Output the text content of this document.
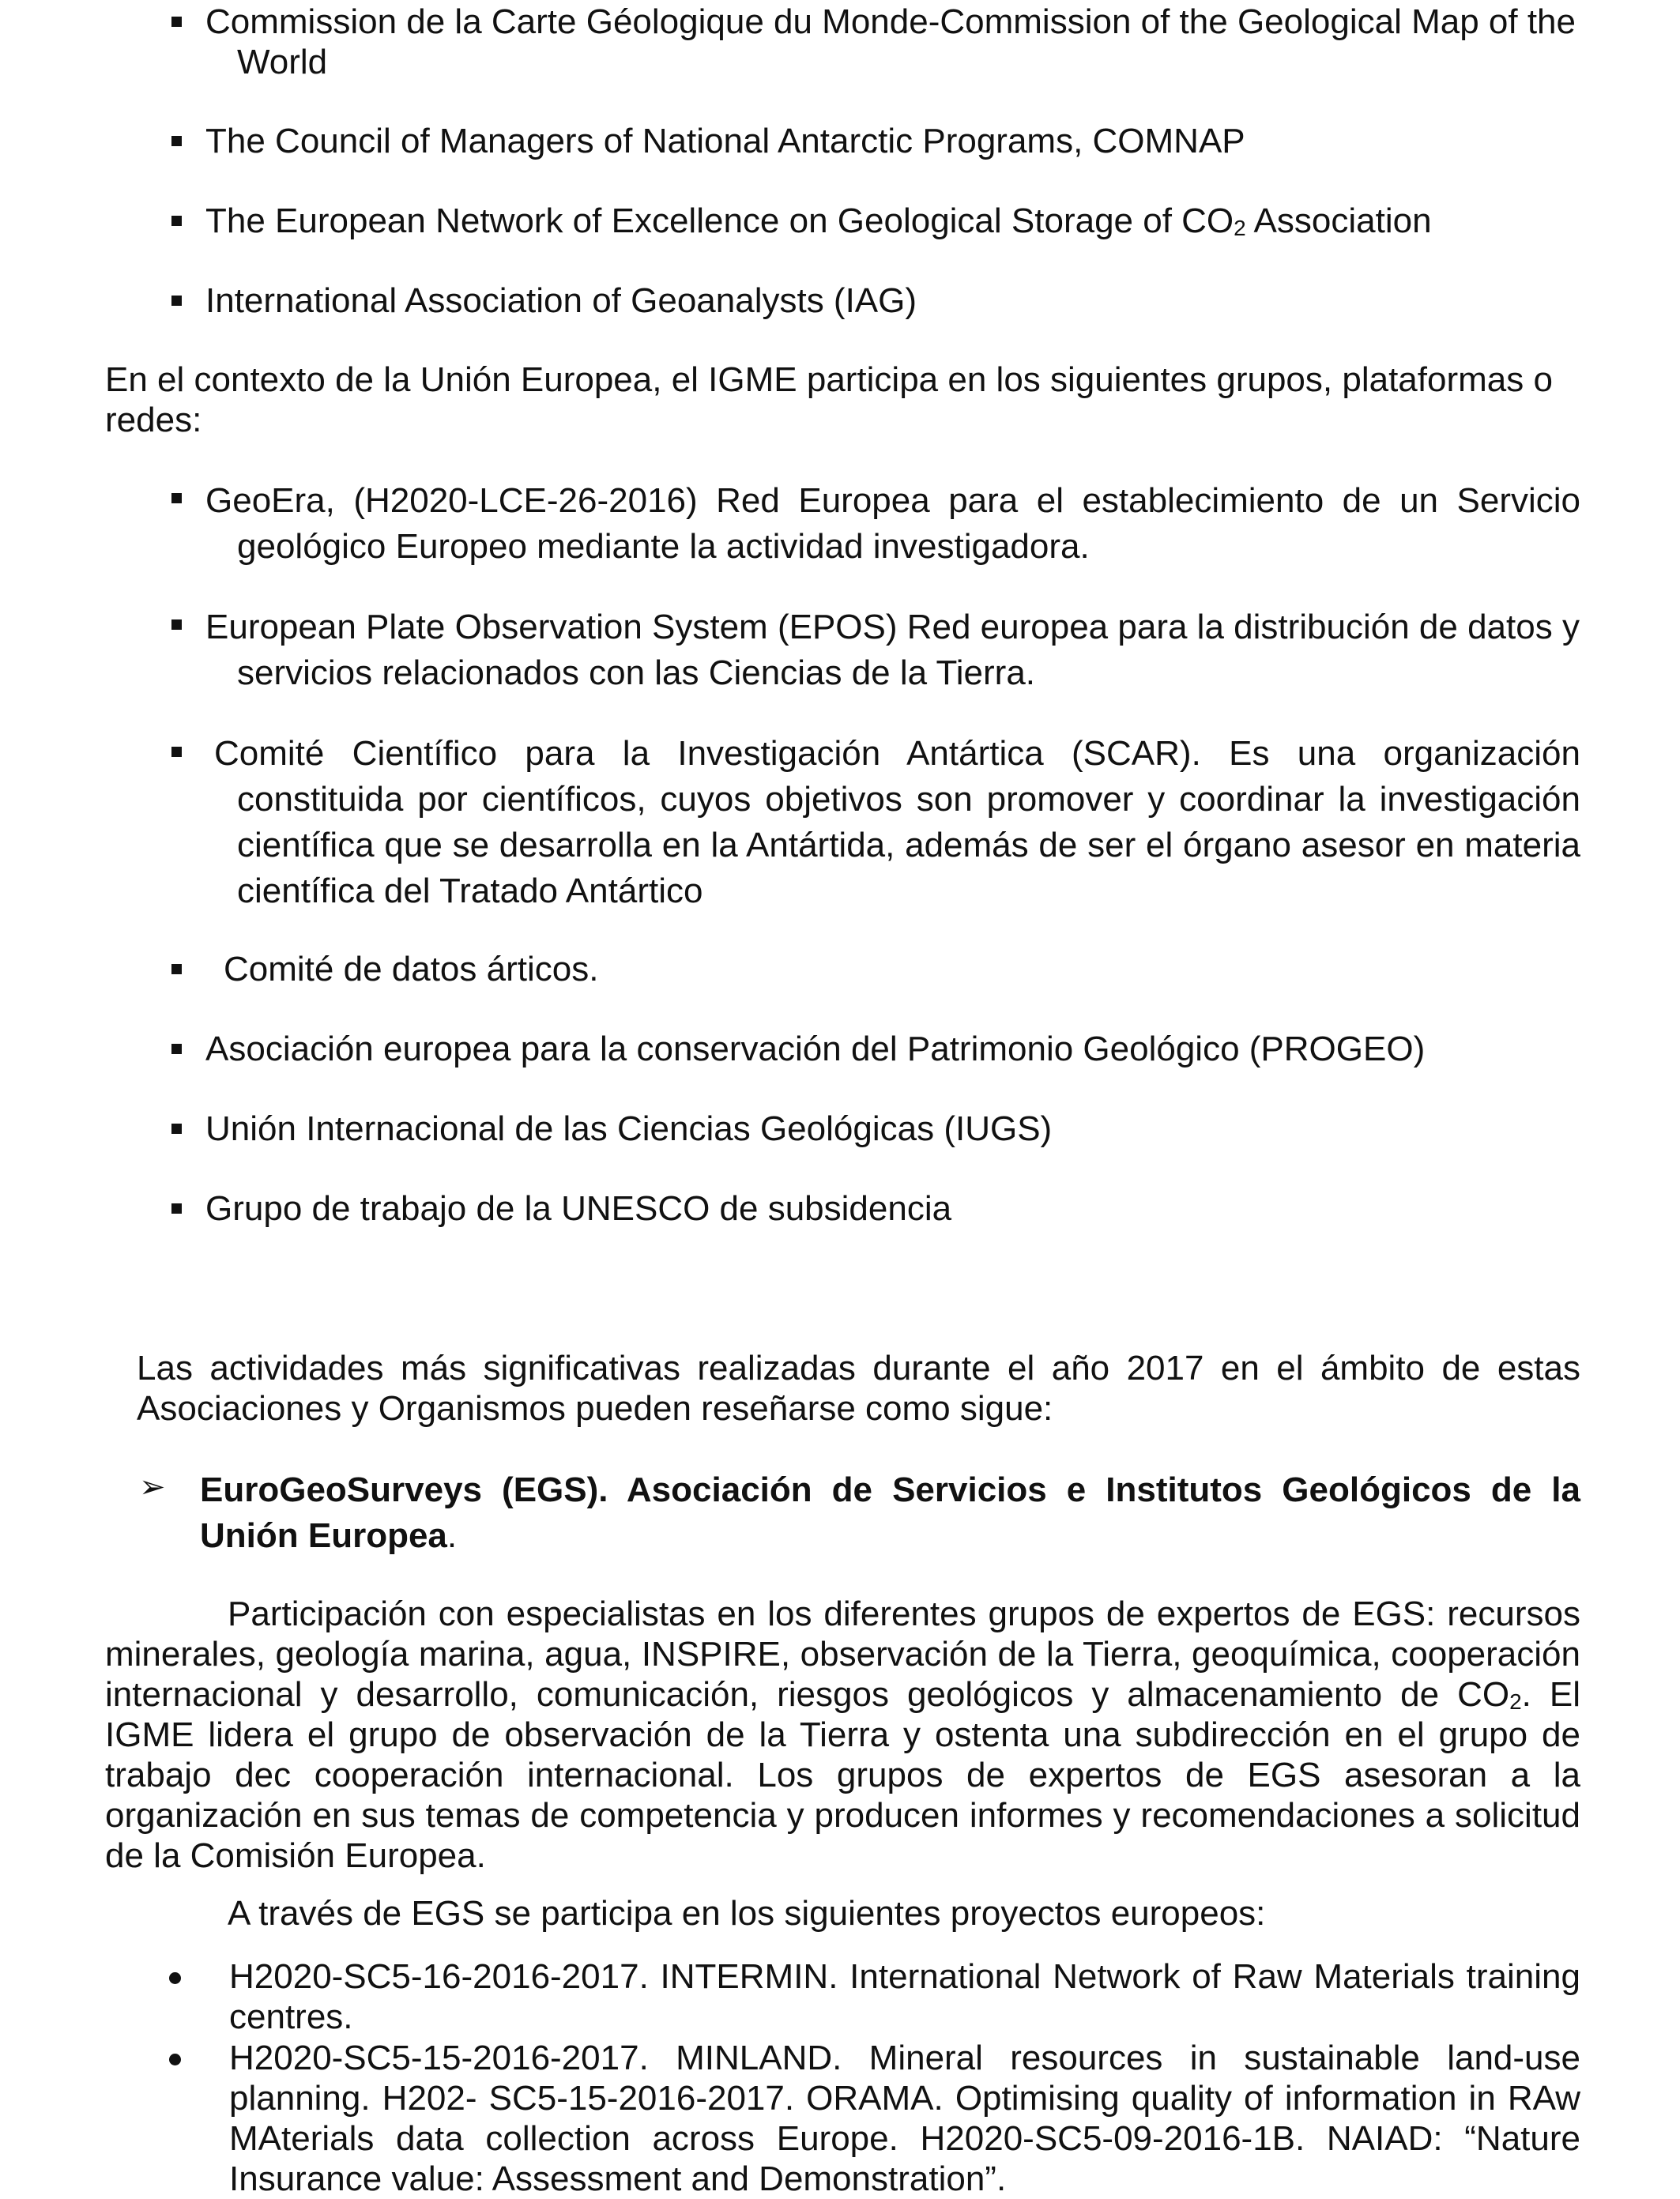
Commission de la Carte Géologique du Monde-Commission of the Geological Map of the World
The Council of Managers of National Antarctic Programs, COMNAP
The European Network of Excellence on Geological Storage of $CO_2$ Association
International Association of Geoanalysts (IAG)
En el contexto de la Unión Europea, el IGME participa en los siguientes grupos, plataformas o redes:
GeoEra, (H2020-LCE-26-2016) Red Europea para el establecimiento de un Servicio geológico Europeo mediante la actividad investigadora.
European Plate Observation System (EPOS) Red europea para la distribución de datos y servicios relacionados con las Ciencias de la Tierra.
Comité Científico para la Investigación Antártica (SCAR). Es una organización constituida por científicos, cuyos objetivos son promover y coordinar la investigación científica que se desarrolla en la Antártida, además de ser el órgano asesor en materia científica del Tratado Antártico
Comité de datos árticos.
Asociación europea para la conservación del Patrimonio Geológico (PROGEO)
Unión Internacional de las Ciencias Geológicas (IUGS)
Grupo de trabajo de la UNESCO de subsidencia
Las actividades más significativas realizadas durante el año 2017 en el ámbito de estas Asociaciones y Organismos pueden reseñarse como sigue:
➢ EuroGeoSurveys (EGS). Asociación de Servicios e Institutos Geológicos de la Unión Europea.
Participación con especialistas en los diferentes grupos de expertos de EGS: recursos minerales, geología marina, agua, INSPIRE, observación de la Tierra, geoquímica, cooperación internacional y desarrollo, comunicación, riesgos geológicos y almacenamiento de $CO_2$. El IGME lidera el grupo de observación de la Tierra y ostenta una subdirección en el grupo de trabajo dec cooperación internacional. Los grupos de expertos de EGS asesoran a la organización en sus temas de competencia y producen informes y recomendaciones a solicitud de la Comisión Europea.
A través de EGS se participa en los siguientes proyectos europeos:
H2020-SC5-16-2016-2017. INTERMIN. International Network of Raw Materials training centres.
H2020-SC5-15-2016-2017. MINLAND. Mineral resources in sustainable land-use planning. H202- SC5-15-2016-2017. ORAMA. Optimising quality of information in RAw MAterials data collection across Europe. H2020-SC5-09-2016-1B. NAIAD: “Nature Insurance value: Assessment and Demonstration”.
